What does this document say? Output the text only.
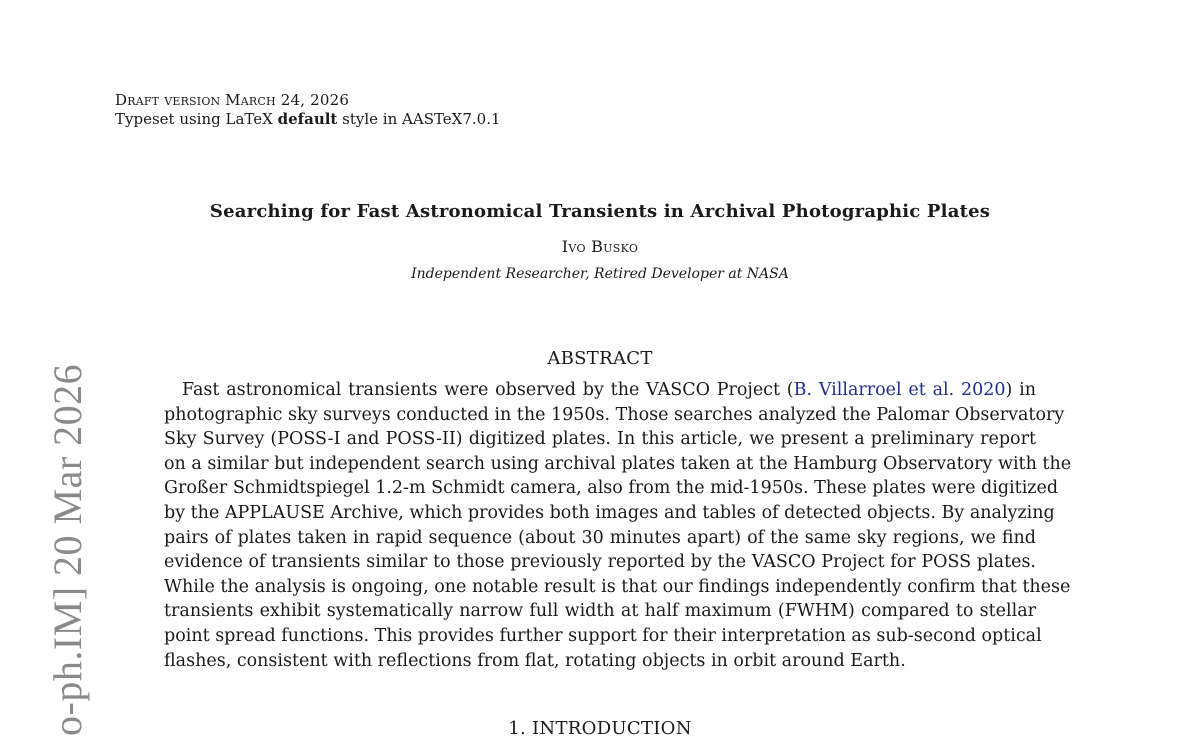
Draft version March 24, 2026
Typeset using LaTeX default style in AASTeX7.0.1
Searching for Fast Astronomical Transients in Archival Photographic Plates
Ivo Busko
Independent Researcher, Retired Developer at NASA
ABSTRACT
Fast astronomical transients were observed by the VASCO Project (B. Villarroel et al. 2020) in
photographic sky surveys conducted in the 1950s. Those searches analyzed the Palomar Observatory
Sky Survey (POSS-I and POSS-II) digitized plates. In this article, we present a preliminary report
on a similar but independent search using archival plates taken at the Hamburg Observatory with the
Großer Schmidtspiegel 1.2-m Schmidt camera, also from the mid-1950s. These plates were digitized
by the APPLAUSE Archive, which provides both images and tables of detected objects. By analyzing
pairs of plates taken in rapid sequence (about 30 minutes apart) of the same sky regions, we find
evidence of transients similar to those previously reported by the VASCO Project for POSS plates.
While the analysis is ongoing, one notable result is that our findings independently confirm that these
transients exhibit systematically narrow full width at half maximum (FWHM) compared to stellar
point spread functions. This provides further support for their interpretation as sub-second optical
flashes, consistent with reflections from flat, rotating objects in orbit around Earth.
1. INTRODUCTION
o-ph.IM] 20 Mar 2026
